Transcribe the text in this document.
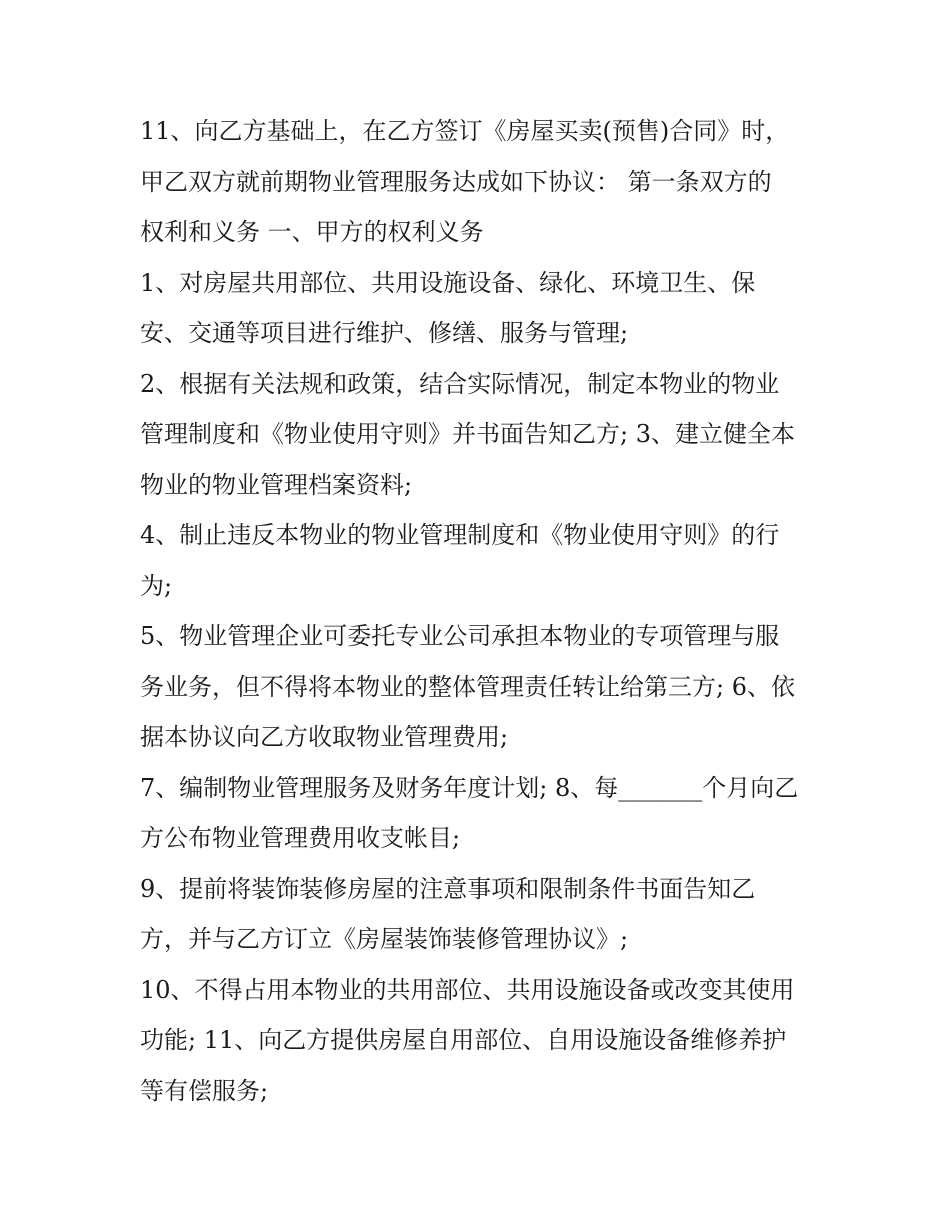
11、向乙方基础上，在乙方签订《房屋买卖(预售)合同》时，
甲乙双方就前期物业管理服务达成如下协议： 第一条双方的
权利和义务 一、甲方的权利义务
1、对房屋共用部位、共用设施设备、绿化、环境卫生、保
安、交通等项目进行维护、修缮、服务与管理;
2、根据有关法规和政策，结合实际情况，制定本物业的物业
管理制度和《物业使用守则》并书面告知乙方; 3、建立健全本
物业的物业管理档案资料;
4、制止违反本物业的物业管理制度和《物业使用守则》的行
为;
5、物业管理企业可委托专业公司承担本物业的专项管理与服
务业务，但不得将本物业的整体管理责任转让给第三方; 6、依
据本协议向乙方收取物业管理费用;
7、编制物业管理服务及财务年度计划; 8、每_______个月向乙
方公布物业管理费用收支帐目;
9、提前将装饰装修房屋的注意事项和限制条件书面告知乙
方，并与乙方订立《房屋装饰装修管理协议》;
10、不得占用本物业的共用部位、共用设施设备或改变其使用
功能; 11、向乙方提供房屋自用部位、自用设施设备维修养护
等有偿服务;
